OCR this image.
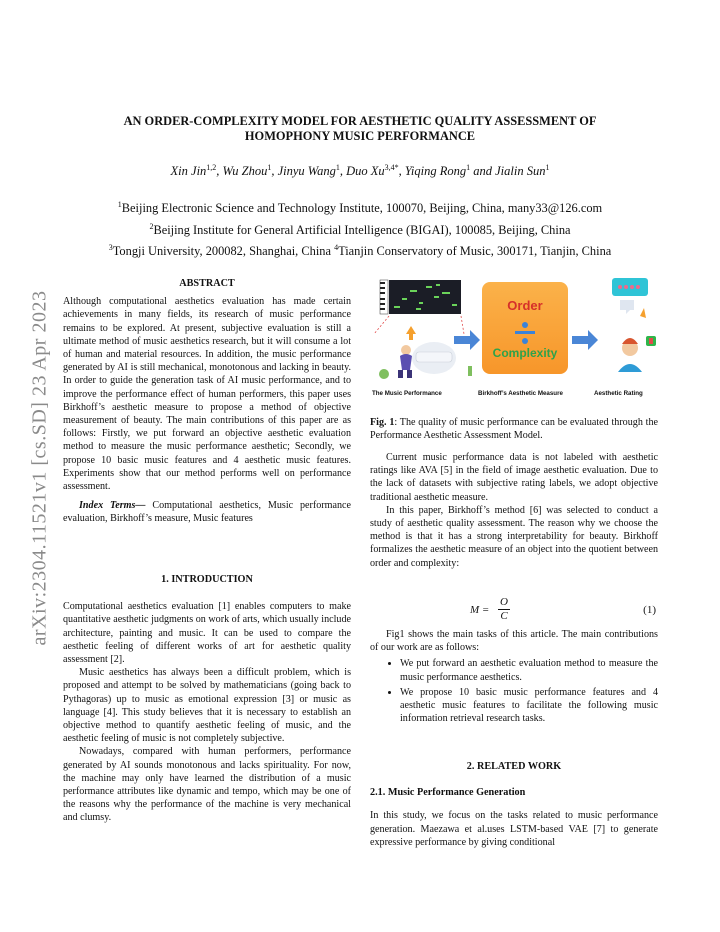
arXiv:2304.11521v1 [cs.SD] 23 Apr 2023
AN ORDER-COMPLEXITY MODEL FOR AESTHETIC QUALITY ASSESSMENT OF
HOMOPHONY MUSIC PERFORMANCE
Xin Jin$^{1,2}$, Wu Zhou$^1$, Jinyu Wang$^1$, Duo $Xu^{3,4*}$, Yiqing Rong$^1$ and Jialin Sun$^1$
$^1$Beijing Electronic Science and Technology Institute, 100070, Beijing, China, many33@126.com
$^2$Beijing Institute for General Artificial Intelligence (BIGAI), 100085, Beijing, China
$^3$Tongji University, 200082, Shanghai, China $^4$Tianjin Conservatory of Music, 300171, Tianjin, China
ABSTRACT

Although computational aesthetics evaluation has made certain achievements in many fields, its research of music performance remains to be explored. At present, subjective evaluation is still a ultimate method of music aesthetics research, but it will consume a lot of human and material resources. In addition, the music performance generated by AI is still mechanical, monotonous and lacking in beauty. In order to guide the generation task of AI music performance, and to improve the performance effect of human performers, this paper uses Birkhoff’s aesthetic measure to propose a method of objective measurement of beauty. The main contributions of this paper are as follows: Firstly, we put forward an objective aesthetic evaluation method to measure the music performance aesthetic; Secondly, we propose 10 basic music features and 4 aesthetic music features. Experiments show that our method performs well on performance assessment.

Index Terms— Computational aesthetics, Music performance evaluation, Birkhoff’s measure, Music features

1. INTRODUCTION

Computational aesthetics evaluation [1] enables computers to make quantitative aesthetic judgments on work of arts, which usually include architecture, painting and music. It can be used to compare the aesthetic feeling of different works of art for aesthetic quality assessment [2].

Music aesthetics has always been a difficult problem, which is proposed and attempt to be solved by mathematicians (going back to Pythagoras) up to music as emotional expression [3] or music as language [4]. This study believes that it is necessary to establish an objective method to quantify aesthetic feeling of music, and the aesthetic feeling of music is not completely subjective.

Nowadays, compared with human performers, performance generated by AI sounds monotonous and lacks spirituality. For now, the machine may only have learned the distribution of a music performance attributes like dynamic and tempo, which may be one of the reasons why the performance of the machine is very mechanical and clumsy.

Order
Complexity
The Music Performance	Birkhoff’s Aesthetic Measure	Aesthetic Rating
Fig. 1: The quality of music performance can be evaluated through the Performance Aesthetic Assessment Model.

Current music performance data is not labeled with aesthetic ratings like AVA [5] in the field of image aesthetic evaluation. Due to the lack of datasets with subjective rating labels, we adopt objective traditional aesthetic measure.

In this paper, Birkhoff’s method [6] was selected to conduct a study of aesthetic quality assessment. The reason why we choose the method is that it has a strong interpretability for beauty. Birkhoff formalizes the aesthetic measure of an object into the quotient between order and complexity:

M =
O
C	(1)

Fig1 shows the main tasks of this article. The main contributions of our work are as follows:

• We put forward an aesthetic evaluation method to measure the music performance aesthetics.
• We propose 10 basic music performance features and 4 aesthetic music features to facilitate the following music information retrieval research tasks.
2. RELATED WORK
2.1. Music Performance Generation

In this study, we focus on the tasks related to music performance generation. Maezawa et al.uses LSTM-based VAE [7] to generate expressive performance by giving conditional
